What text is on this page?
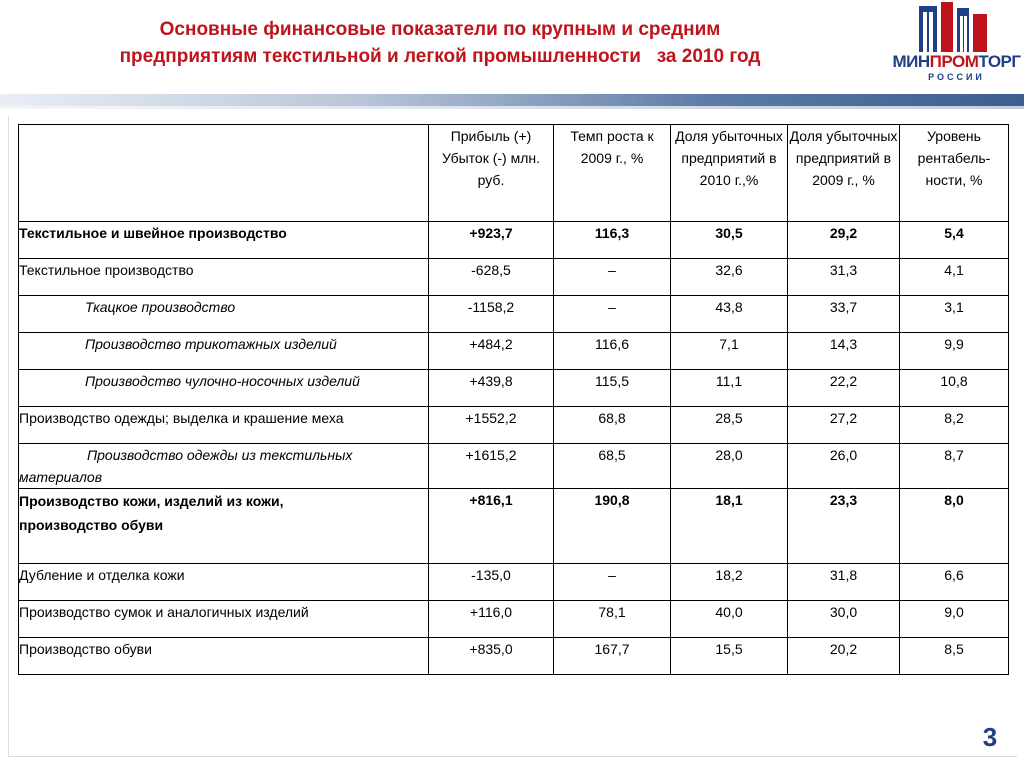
Основные финансовые показатели по крупным и средним
предприятиям текстильной и легкой промышленности   за 2010 год	МИНПРОМТОРГ
РОССИИ
	Прибыль (+) Убыток (-) млн. руб.	Темп роста к 2009 г., %	Доля убыточных предприятий в 2010 г.,%	Доля убыточных предприятий в 2009 г., %	Уровень рентабель-ности, %
Текстильное и швейное производство	+923,7	116,3	30,5	29,2	5,4
Текстильное производство	-628,5	–	32,6	31,3	4,1
Ткацкое производство	-1158,2	–	43,8	33,7	3,1
Производство трикотажных изделий	+484,2	116,6	7,1	14,3	9,9
Производство чулочно-носочных изделий	+439,8	115,5	11,1	22,2	10,8
Производство одежды; выделка и крашение меха	+1552,2	68,8	28,5	27,2	8,2
Производство одежды из текстильных материалов	+1615,2	68,5	28,0	26,0	8,7
Производство кожи, изделий из кожи, производство обуви	+816,1	190,8	18,1	23,3	8,0
Дубление и отделка кожи	-135,0	–	18,2	31,8	6,6
Производство сумок и аналогичных изделий	+116,0	78,1	40,0	30,0	9,0
Производство обуви	+835,0	167,7	15,5	20,2	8,5
3
